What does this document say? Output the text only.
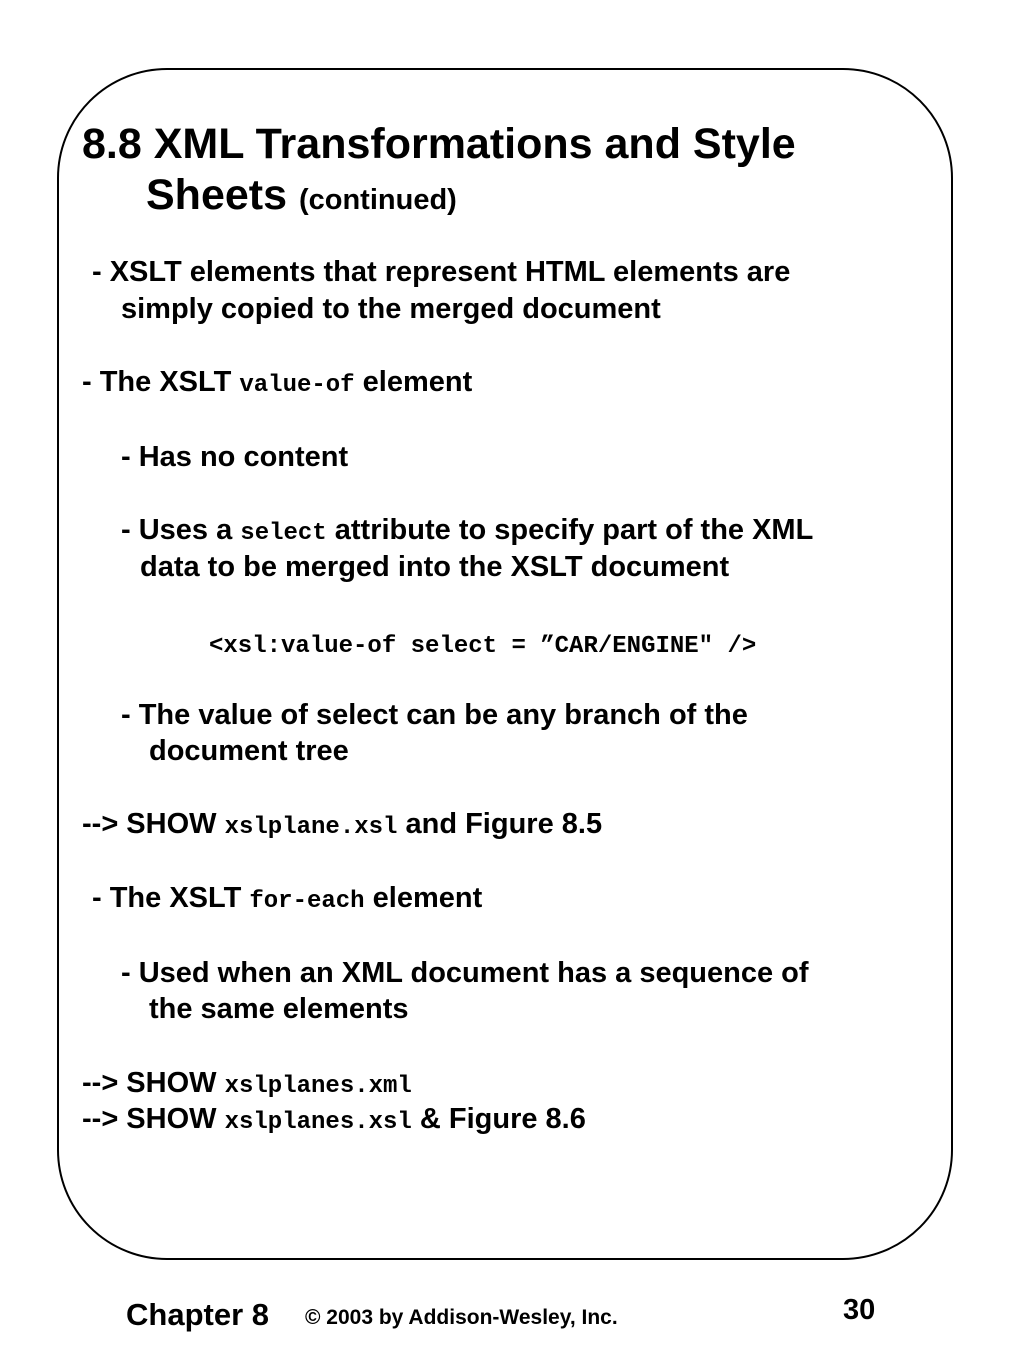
8.8 XML Transformations and Style
Sheets (continued)
- XSLT elements that represent HTML elements are
simply copied to the merged document
- The XSLT value-of element
- Has no content
- Uses a select attribute to specify part of the XML
data to be merged into the XSLT document
<xsl:value-of select = ”CAR/ENGINE" />
- The value of select can be any branch of the
document tree
--> SHOW xslplane.xsl and Figure 8.5
- The XSLT for-each element
- Used when an XML document has a sequence of
the same elements
--> SHOW xslplanes.xml
--> SHOW xslplanes.xsl & Figure 8.6
Chapter 8 © 2003 by Addison-Wesley, Inc.	30
